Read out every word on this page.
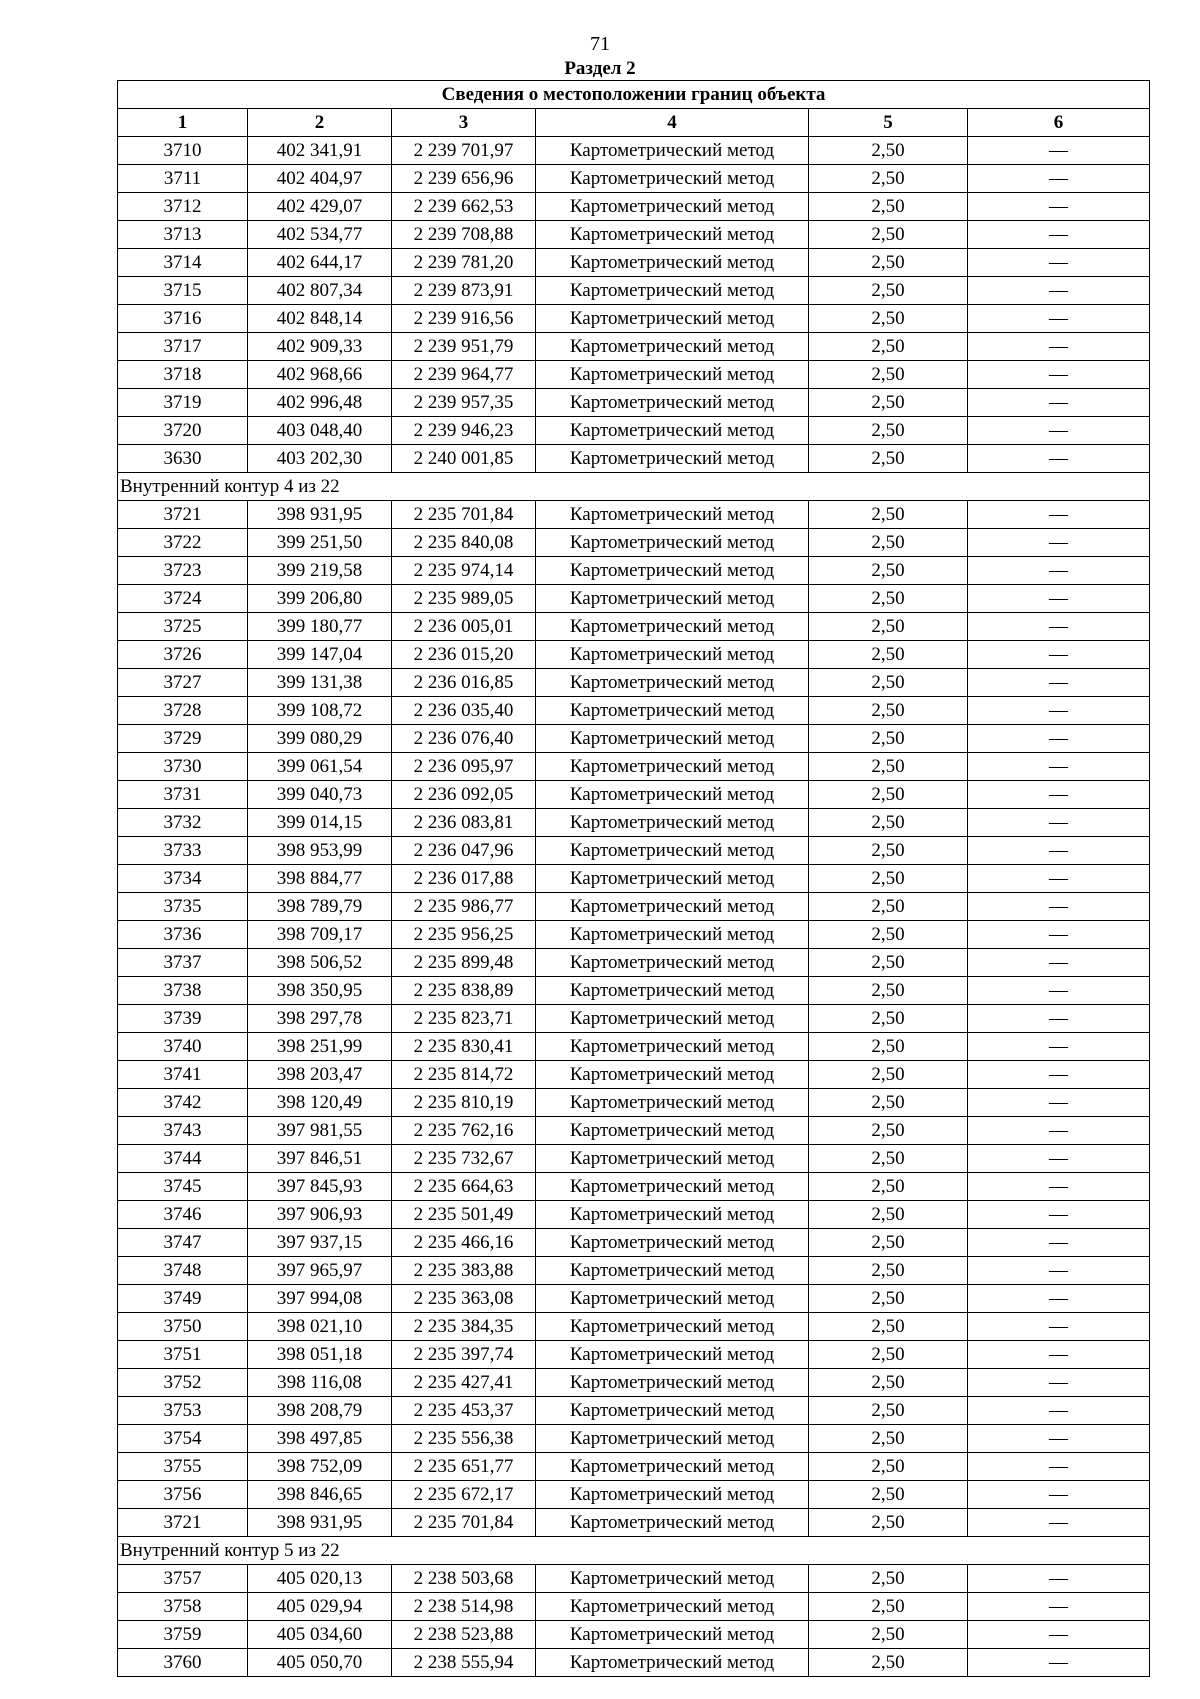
71
Раздел 2
Сведения о местоположении границ объекта					
1	2	3	4	5	6
3710	402 341,91	2 239 701,97	Картометрический метод	2,50	—
3711	402 404,97	2 239 656,96	Картометрический метод	2,50	—
3712	402 429,07	2 239 662,53	Картометрический метод	2,50	—
3713	402 534,77	2 239 708,88	Картометрический метод	2,50	—
3714	402 644,17	2 239 781,20	Картометрический метод	2,50	—
3715	402 807,34	2 239 873,91	Картометрический метод	2,50	—
3716	402 848,14	2 239 916,56	Картометрический метод	2,50	—
3717	402 909,33	2 239 951,79	Картометрический метод	2,50	—
3718	402 968,66	2 239 964,77	Картометрический метод	2,50	—
3719	402 996,48	2 239 957,35	Картометрический метод	2,50	—
3720	403 048,40	2 239 946,23	Картометрический метод	2,50	—
3630	403 202,30	2 240 001,85	Картометрический метод	2,50	—
Внутренний контур 4 из 22					
3721	398 931,95	2 235 701,84	Картометрический метод	2,50	—
3722	399 251,50	2 235 840,08	Картометрический метод	2,50	—
3723	399 219,58	2 235 974,14	Картометрический метод	2,50	—
3724	399 206,80	2 235 989,05	Картометрический метод	2,50	—
3725	399 180,77	2 236 005,01	Картометрический метод	2,50	—
3726	399 147,04	2 236 015,20	Картометрический метод	2,50	—
3727	399 131,38	2 236 016,85	Картометрический метод	2,50	—
3728	399 108,72	2 236 035,40	Картометрический метод	2,50	—
3729	399 080,29	2 236 076,40	Картометрический метод	2,50	—
3730	399 061,54	2 236 095,97	Картометрический метод	2,50	—
3731	399 040,73	2 236 092,05	Картометрический метод	2,50	—
3732	399 014,15	2 236 083,81	Картометрический метод	2,50	—
3733	398 953,99	2 236 047,96	Картометрический метод	2,50	—
3734	398 884,77	2 236 017,88	Картометрический метод	2,50	—
3735	398 789,79	2 235 986,77	Картометрический метод	2,50	—
3736	398 709,17	2 235 956,25	Картометрический метод	2,50	—
3737	398 506,52	2 235 899,48	Картометрический метод	2,50	—
3738	398 350,95	2 235 838,89	Картометрический метод	2,50	—
3739	398 297,78	2 235 823,71	Картометрический метод	2,50	—
3740	398 251,99	2 235 830,41	Картометрический метод	2,50	—
3741	398 203,47	2 235 814,72	Картометрический метод	2,50	—
3742	398 120,49	2 235 810,19	Картометрический метод	2,50	—
3743	397 981,55	2 235 762,16	Картометрический метод	2,50	—
3744	397 846,51	2 235 732,67	Картометрический метод	2,50	—
3745	397 845,93	2 235 664,63	Картометрический метод	2,50	—
3746	397 906,93	2 235 501,49	Картометрический метод	2,50	—
3747	397 937,15	2 235 466,16	Картометрический метод	2,50	—
3748	397 965,97	2 235 383,88	Картометрический метод	2,50	—
3749	397 994,08	2 235 363,08	Картометрический метод	2,50	—
3750	398 021,10	2 235 384,35	Картометрический метод	2,50	—
3751	398 051,18	2 235 397,74	Картометрический метод	2,50	—
3752	398 116,08	2 235 427,41	Картометрический метод	2,50	—
3753	398 208,79	2 235 453,37	Картометрический метод	2,50	—
3754	398 497,85	2 235 556,38	Картометрический метод	2,50	—
3755	398 752,09	2 235 651,77	Картометрический метод	2,50	—
3756	398 846,65	2 235 672,17	Картометрический метод	2,50	—
3721	398 931,95	2 235 701,84	Картометрический метод	2,50	—
Внутренний контур 5 из 22					
3757	405 020,13	2 238 503,68	Картометрический метод	2,50	—
3758	405 029,94	2 238 514,98	Картометрический метод	2,50	—
3759	405 034,60	2 238 523,88	Картометрический метод	2,50	—
3760	405 050,70	2 238 555,94	Картометрический метод	2,50	—
